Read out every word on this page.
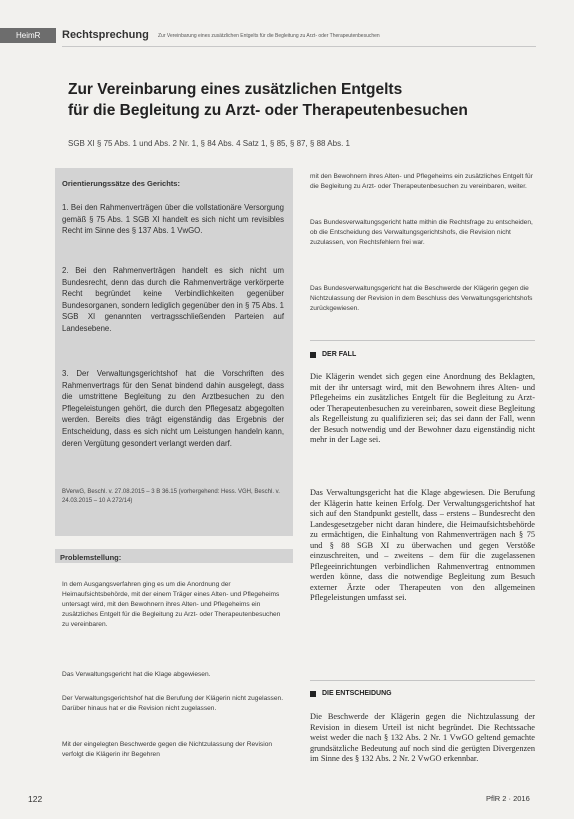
HeimR	Rechtsprechung Zur Vereinbarung eines zusätzlichen Entgelts für die Begleitung zu Arzt- oder Therapeutenbesuchen
Zur Vereinbarung eines zusätzlichen Entgelts
für die Begleitung zu Arzt- oder Therapeutenbesuchen
SGB XI § 75 Abs. 1 und Abs. 2 Nr. 1, § 84 Abs. 4 Satz 1, § 85, § 87, § 88 Abs. 1
Orientierungssätze des Gerichts:

1. Bei den Rahmenverträgen über die vollstationäre Versorgung gemäß § 75 Abs. 1 SGB XI handelt es sich nicht um revisibles Recht im Sinne des § 137 Abs. 1 VwGO.

2. Bei den Rahmenverträgen handelt es sich nicht um Bundesrecht, denn das durch die Rahmenverträge verkörperte Recht begründet keine Verbindlichkeiten gegenüber Bundesorganen, sondern lediglich gegenüber den in § 75 Abs. 1 SGB XI genannten vertragsschließenden Parteien auf Landesebene.

3. Der Verwaltungsgerichtshof hat die Vorschriften des Rahmenvertrags für den Senat bindend dahin ausgelegt, dass die umstrittene Begleitung zu den Arztbesuchen zu den Pflegeleistungen gehört, die durch den Pflegesatz abgegolten werden. Bereits dies trägt eigenständig das Ergebnis der Entscheidung, dass es sich nicht um Leistungen handeln kann, deren Vergütung gesondert verlangt werden darf.

BVerwG, Beschl. v. 27.08.2015 – 3 B 36.15 (vorhergehend: Hess. VGH, Beschl. v. 24.03.2015 – 10 A 272/14)
Problemstellung:

In dem Ausgangsverfahren ging es um die Anordnung der Heimaufsichtsbehörde, mit der einem Träger eines Alten- und Pflegeheims untersagt wird, mit den Bewohnern ihres Alten- und Pflegeheims ein zusätzliches Entgelt für die Begleitung zu Arzt- oder Therapeutenbesuchen zu vereinbaren.

Das Verwaltungsgericht hat die Klage abgewiesen.

Der Verwaltungsgerichtshof hat die Berufung der Klägerin nicht zugelassen. Darüber hinaus hat er die Revision nicht zugelassen.

Mit der eingelegten Beschwerde gegen die Nichtzulassung der Revision verfolgt die Klägerin ihr Begehren

mit den Bewohnern ihres Alten- und Pflegeheims ein zusätzliches Entgelt für die Begleitung zu Arzt- oder Therapeutenbesuchen zu vereinbaren, weiter.

Das Bundesverwaltungsgericht hatte mithin die Rechtsfrage zu entscheiden, ob die Entscheidung des Verwaltungsgerichtshofs, die Revision nicht zuzulassen, von Rechtsfehlern frei war.

Das Bundesverwaltungsgericht hat die Beschwerde der Klägerin gegen die Nichtzulassung der Revision in dem Beschluss des Verwaltungsgerichtshofs zurückgewiesen.

DER FALL

Die Klägerin wendet sich gegen eine Anordnung des Beklagten, mit der ihr untersagt wird, mit den Bewohnern ihres Alten- und Pflegeheims ein zusätzliches Entgelt für die Begleitung zu Arzt- oder Therapeutenbesuchen zu vereinbaren, soweit diese Begleitung als Regelleistung zu qualifizieren sei; das sei dann der Fall, wenn der Besuch notwendig und der Bewohner dazu eigenständig nicht mehr in der Lage sei.

Das Verwaltungsgericht hat die Klage abgewiesen. Die Berufung der Klägerin hatte keinen Erfolg. Der Verwaltungsgerichtshof hat sich auf den Standpunkt gestellt, dass – erstens – Bundesrecht den Landesgesetzgeber nicht daran hindere, die Heimaufsichtsbehörde zu ermächtigen, die Einhaltung von Rahmenverträgen nach § 75 und § 88 SGB XI zu überwachen und gegen Verstöße einzuschreiten, und – zweitens – dem für die zugelassenen Pflegeeinrichtungen verbindlichen Rahmenvertrag entnommen werden könne, dass die notwendige Begleitung zum Besuch externer Ärzte oder Therapeuten von den allgemeinen Pflegeleistungen umfasst sei.

DIE ENTSCHEIDUNG

Die Beschwerde der Klägerin gegen die Nichtzulassung der Revision in diesem Urteil ist nicht begründet. Die Rechtssache weist weder die nach § 132 Abs. 2 Nr. 1 VwGO geltend gemachte grundsätzliche Bedeutung auf noch sind die gerügten Divergenzen im Sinne des § 132 Abs. 2 Nr. 2 VwGO erkennbar.

122	PflR 2 · 2016
